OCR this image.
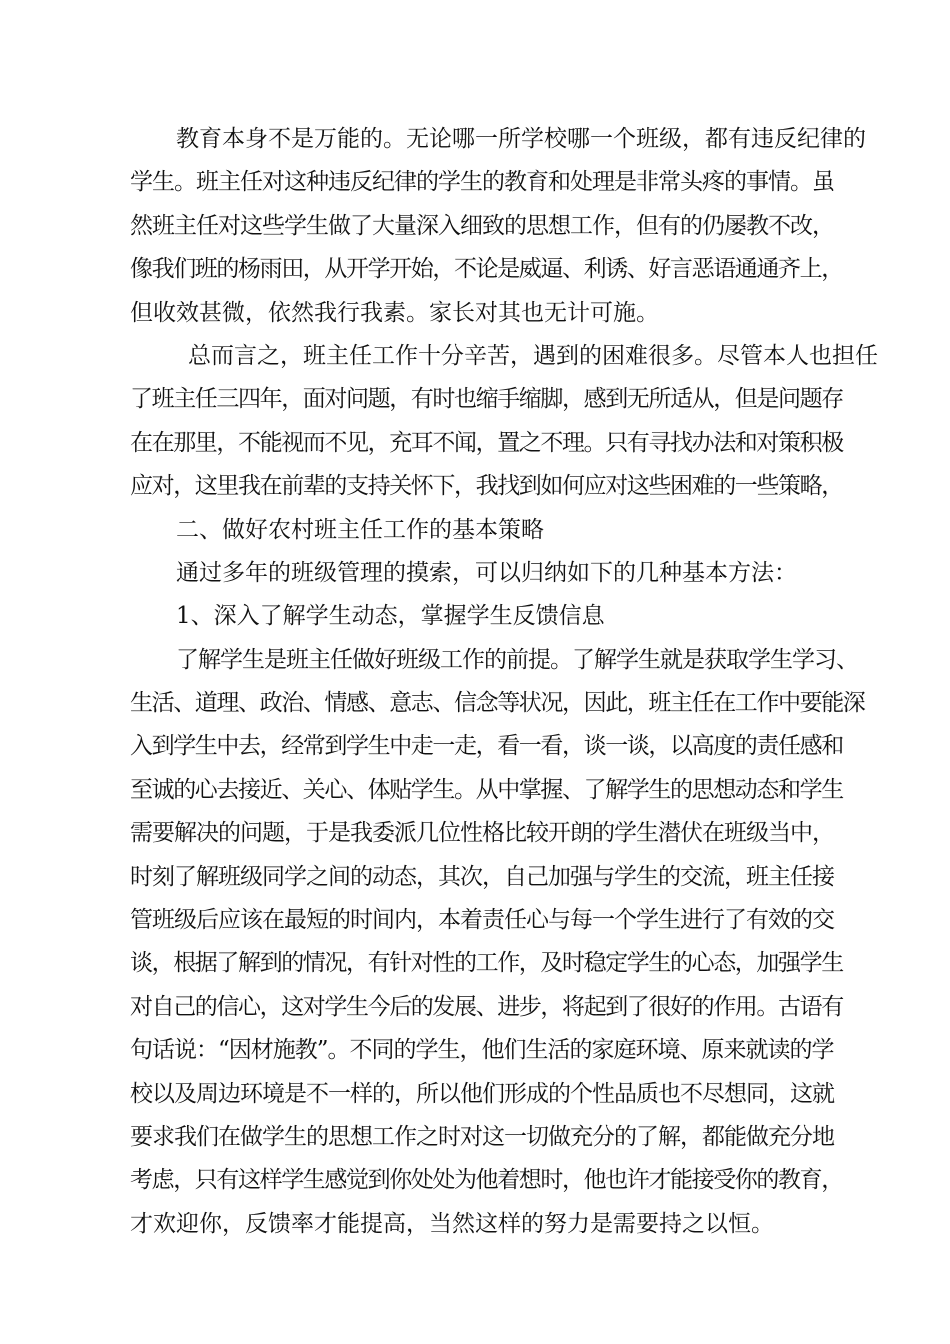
教育本身不是万能的。无论哪一所学校哪一个班级，都有违反纪律的
学生。班主任对这种违反纪律的学生的教育和处理是非常头疼的事情。虽
然班主任对这些学生做了大量深入细致的思想工作，但有的仍屡教不改，
像我们班的杨雨田，从开学开始，不论是威逼、利诱、好言恶语通通齐上，
但收效甚微，依然我行我素。家长对其也无计可施。
总而言之，班主任工作十分辛苦，遇到的困难很多。尽管本人也担任
了班主任三四年，面对问题，有时也缩手缩脚，感到无所适从，但是问题存
在在那里，不能视而不见，充耳不闻，置之不理。只有寻找办法和对策积极
应对，这里我在前辈的支持关怀下，我找到如何应对这些困难的一些策略，
二、做好农村班主任工作的基本策略
通过多年的班级管理的摸索，可以归纳如下的几种基本方法：
1、深入了解学生动态，掌握学生反馈信息
了解学生是班主任做好班级工作的前提。了解学生就是获取学生学习、
生活、道理、政治、情感、意志、信念等状况，因此，班主任在工作中要能深
入到学生中去，经常到学生中走一走，看一看，谈一谈，以高度的责任感和
至诚的心去接近、关心、体贴学生。从中掌握、了解学生的思想动态和学生
需要解决的问题，于是我委派几位性格比较开朗的学生潜伏在班级当中，
时刻了解班级同学之间的动态，其次，自己加强与学生的交流，班主任接
管班级后应该在最短的时间内，本着责任心与每一个学生进行了有效的交
谈，根据了解到的情况，有针对性的工作，及时稳定学生的心态，加强学生
对自己的信心，这对学生今后的发展、进步，将起到了很好的作用。古语有
句话说：“因材施教”。不同的学生，他们生活的家庭环境、原来就读的学
校以及周边环境是不一样的，所以他们形成的个性品质也不尽想同，这就
要求我们在做学生的思想工作之时对这一切做充分的了解，都能做充分地
考虑，只有这样学生感觉到你处处为他着想时，他也许才能接受你的教育，
才欢迎你，反馈率才能提高，当然这样的努力是需要持之以恒。
